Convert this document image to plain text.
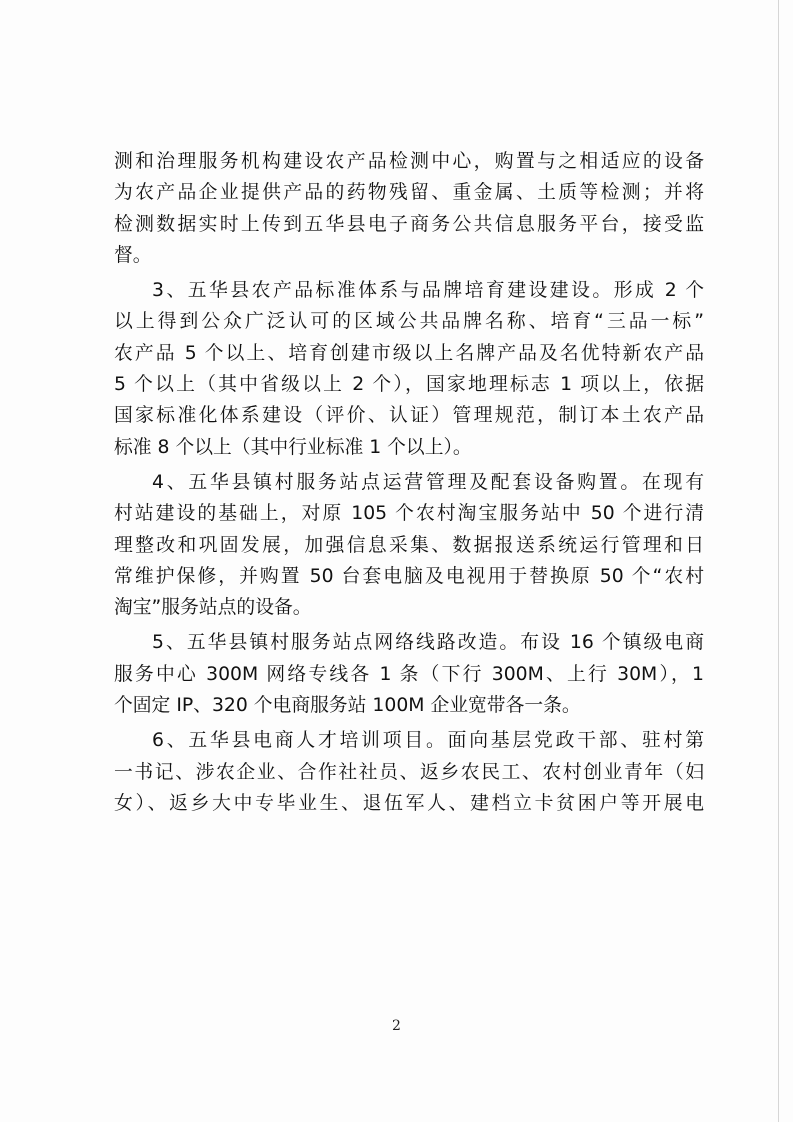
测和治理服务机构建设农产品检测中心，购置与之相适应的设备
为农产品企业提供产品的药物残留、重金属、土质等检测；并将
检测数据实时上传到五华县电子商务公共信息服务平台，接受监
督。
3、五华县农产品标准体系与品牌培育建设建设。形成 2 个
以上得到公众广泛认可的区域公共品牌名称、培育“三品一标”
农产品 5 个以上、培育创建市级以上名牌产品及名优特新农产品
5 个以上（其中省级以上 2 个），国家地理标志 1 项以上，依据
国家标准化体系建设（评价、认证）管理规范，制订本土农产品
标准 8 个以上（其中行业标准 1 个以上）。
4、五华县镇村服务站点运营管理及配套设备购置。在现有
村站建设的基础上，对原 105 个农村淘宝服务站中 50 个进行清
理整改和巩固发展，加强信息采集、数据报送系统运行管理和日
常维护保修，并购置 50 台套电脑及电视用于替换原 50 个“农村
淘宝”服务站点的设备。
5、五华县镇村服务站点网络线路改造。布设 16 个镇级电商
服务中心 300M 网络专线各 1 条（下行 300M、上行 30M），1
个固定 IP、320 个电商服务站 100M 企业宽带各一条。
6、五华县电商人才培训项目。面向基层党政干部、驻村第
一书记、涉农企业、合作社社员、返乡农民工、农村创业青年（妇
女）、返乡大中专毕业生、退伍军人、建档立卡贫困户等开展电
2
